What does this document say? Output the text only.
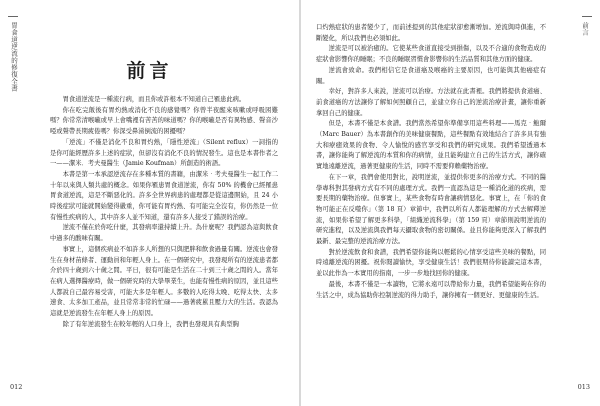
胃食道逆流的修復全書	前言

胃食道逆流是一種流行病，而且你或許根本不知道自己罹患此病。

你在吃完飯後有胃灼熱或消化不良的感覺嗎？你曾半夜醒來咳嗽或呼吸困難嗎？你常常清喉嚨或早上會嘴裡有苦苦的味道嗎？你的喉嚨是否有異物感、聲音沙啞或聲帶長期疲倦嗎？你深受鼻涕倒流的困擾嗎？

「逆流」不僅是消化不良和胃灼熱，「隱性逆流」（Silent reflux）一詞指的是你可能經歷許多上述的症狀，但卻沒有消化不良的情況發生。這也是本書作者之一——潔米．考夫曼醫生（Jamie Koufman）所創造的術語。

本書是第一本承認逆流存在多種本質的書籍，由潔米‧考夫曼醫生一起工作二十年以來與人類共處的概念。如果你罹患胃食道逆流，你有 50% 的機會已經罹患胃食道逆流，這是不斷惡化的。許多全世界病患的處理都是從這邊開始，且 24 小時後症狀可能就開始變得嚴重，你可能有胃灼熱、有可能完全沒有，你仍然是一位有慢性疾病的人，其中許多人並不知道，還有許多人接受了錯誤的治療。

逆流不僅在於你吃什麼，其發病率還持續上升。為什麼呢？我們認為這與飲食中過多的酸味有關。

事實上，這個疾病並不如許多人所想的只與肥胖和飲食過量有關。逆流也會發生在身材苗條者、運動員和年輕人身上。在一個研究中，我發現所有的逆流患者都介於四十歲到六十歲之間。平日，很有可能是生活在二十到三十歲之間的人。當年在病人選擇醫療時，做一個研究時的大學畢業生，也能有慢性病的原因，並且這些人都說自己最容易受害，可能大多是年輕人。多數的人吃得太晚、吃得太快、太多速食、太多加工產品，並且常常非常的忙碌——過著疲累且壓力大的生活。我認為這就是逆流發生在年輕人身上的原因。

除了有年逆流發生在較年輕的人口身上，我們也發現具有典型胸

012
前言

口灼熱症狀的患者變少了，而前述提到的其他症狀卻愈漸增加。逆流與時俱進，不斷變化，所以我們也必須如此。

逆流是可以被治癒的。它使某些食道直接受到損傷，以及不合適的食物造成的症狀會影響你的睡眠；不良的睡眠習慣會影響你的生活品質和其他方面的健康。

逆流會致命。我們相信它是食道癌及喉癌的主要原因，也可能與其他癌症有關。

幸好，對許多人來說，逆流可以治療。方法就在此書裡。我們將提供食道癌、前食道癌的方法讓你了解如何照顧自己，並建立你自己的逆流治療計畫，讓你重新拿回自己的健康。

但是，本書不僅是本食譜。我們當然希望你準備享用這些料理——馬克‧鮑爾（Marc Bauer）為本書創作的美味健康餐點，這些餐點有效地結合了許多具有強大和療癒效果的食物、令人愉悅的感官享受和我們的研究成果。我們希望透過本書，讓你能夠了解逆流的本質和你的病情，並且能夠建立自己的生活方式，讓你確實地遠離逆流，過著更健康的生活，同時不需要仰賴藥物治療。

在下一章，我們會使用對比，說明逆流，並提供你更多的治療方式。不同的醫學專科對其發病方式有不同的處理方式。我們一直認為這是一種消化道的疾病，需要長期的藥物治療。但事實上，某些食物有時會讓病情惡化。事實上，在「你的食物可能正在反噬你」（第 18 頁）章節中，我們以所有人都能理解的方式去解釋逆流，如果你希望了解更多科學，「組織逆流科學」（第 159 頁）章節則說明逆流的研究進程，以及逆流與我們每天攝取食物的密切關係。並且你能夠更深入了解我們最新、最完整的逆流治療方法。

對於逆流飲食和食譜，我們希望你能夠以輕鬆的心情享受這些美味的餐點，同時遠離逆流的困擾。祝你閱讀愉快，享受健康生活！我們很期待你能讀完這本書，並以此作為一本實用的指南，一步一步地找回你的健康。

最後，本書不僅是一本讀物，它將永遠可以帶給你力量，我們希望能夠在你的生活之中，成為協助你控制逆流的得力助手，讓你擁有一個更好、更健康的生活。

013
